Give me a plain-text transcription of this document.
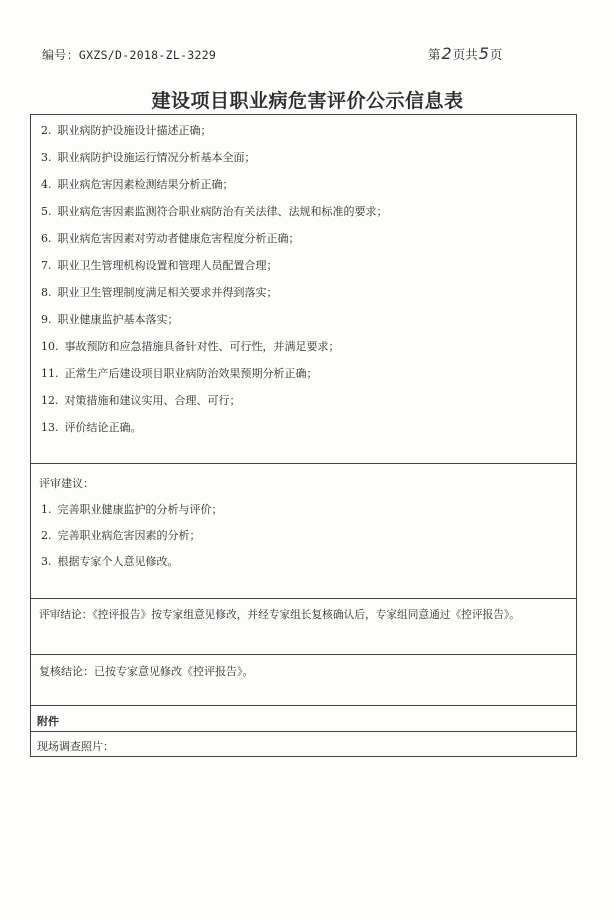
编号：GXZS/D-2018-ZL-3229	第2页共5页
建设项目职业病危害评价公示信息表
2. 职业病防护设施设计描述正确；
3. 职业病防护设施运行情况分析基本全面；
4. 职业病危害因素检测结果分析正确；
5. 职业病危害因素监测符合职业病防治有关法律、法规和标准的要求；
6. 职业病危害因素对劳动者健康危害程度分析正确；
7. 职业卫生管理机构设置和管理人员配置合理；
8. 职业卫生管理制度满足相关要求并得到落实；
9. 职业健康监护基本落实；
10. 事故预防和应急措施具备针对性、可行性，并满足要求；
11. 正常生产后建设项目职业病防治效果预期分析正确；
12. 对策措施和建议实用、合理、可行；
13. 评价结论正确。
评审建议：
1. 完善职业健康监护的分析与评价；
2. 完善职业病危害因素的分析；
3. 根据专家个人意见修改。
评审结论：《控评报告》按专家组意见修改，并经专家组长复核确认后，专家组同意通过《控评报告》。
复核结论：已按专家意见修改《控评报告》。
附件
现场调查照片：
